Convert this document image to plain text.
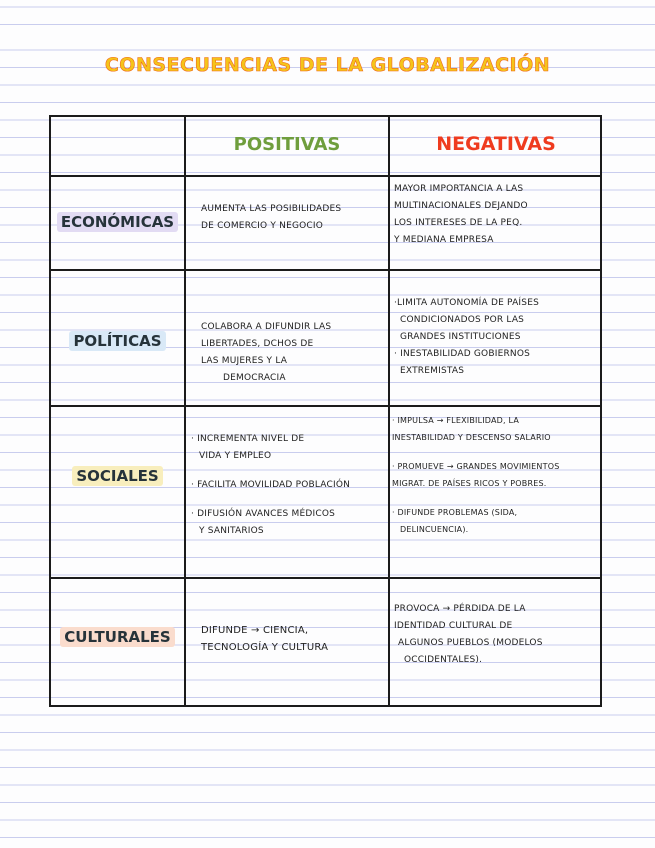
CONSECUENCIAS DE LA GLOBALIZACIÓN
POSITIVAS	NEGATIVAS
ECONÓMICAS
AUMENTA LAS POSIBILIDADES
DE COMERCIO Y NEGOCIO
MAYOR IMPORTANCIA A LAS
MULTINACIONALES DEJANDO
LOS INTERESES DE LA PEQ.
Y MEDIANA EMPRESA
POLÍTICAS
COLABORA A DIFUNDIR LAS
LIBERTADES, DCHOS DE
LAS MUJERES Y LA
DEMOCRACIA
·LIMITA AUTONOMÍA DE PAÍSES
CONDICIONADOS POR LAS
GRANDES INSTITUCIONES
· INESTABILIDAD GOBIERNOS
EXTREMISTAS
SOCIALES
· INCREMENTA NIVEL DE
VIDA Y EMPLEO
· FACILITA MOVILIDAD POBLACIÓN
· DIFUSIÓN AVANCES MÉDICOS
Y SANITARIOS
· IMPULSA → FLEXIBILIDAD, LA
INESTABILIDAD Y DESCENSO SALARIO
· PROMUEVE → GRANDES MOVIMIENTOS
MIGRAT. DE PAÍSES RICOS Y POBRES.
· DIFUNDE PROBLEMAS (SIDA,
DELINCUENCIA).
CULTURALES	DIFUNDE → CIENCIA,
TECNOLOGÍA Y CULTURA
PROVOCA → PÉRDIDA DE LA
IDENTIDAD CULTURAL DE
ALGUNOS PUEBLOS (MODELOS
OCCIDENTALES).
